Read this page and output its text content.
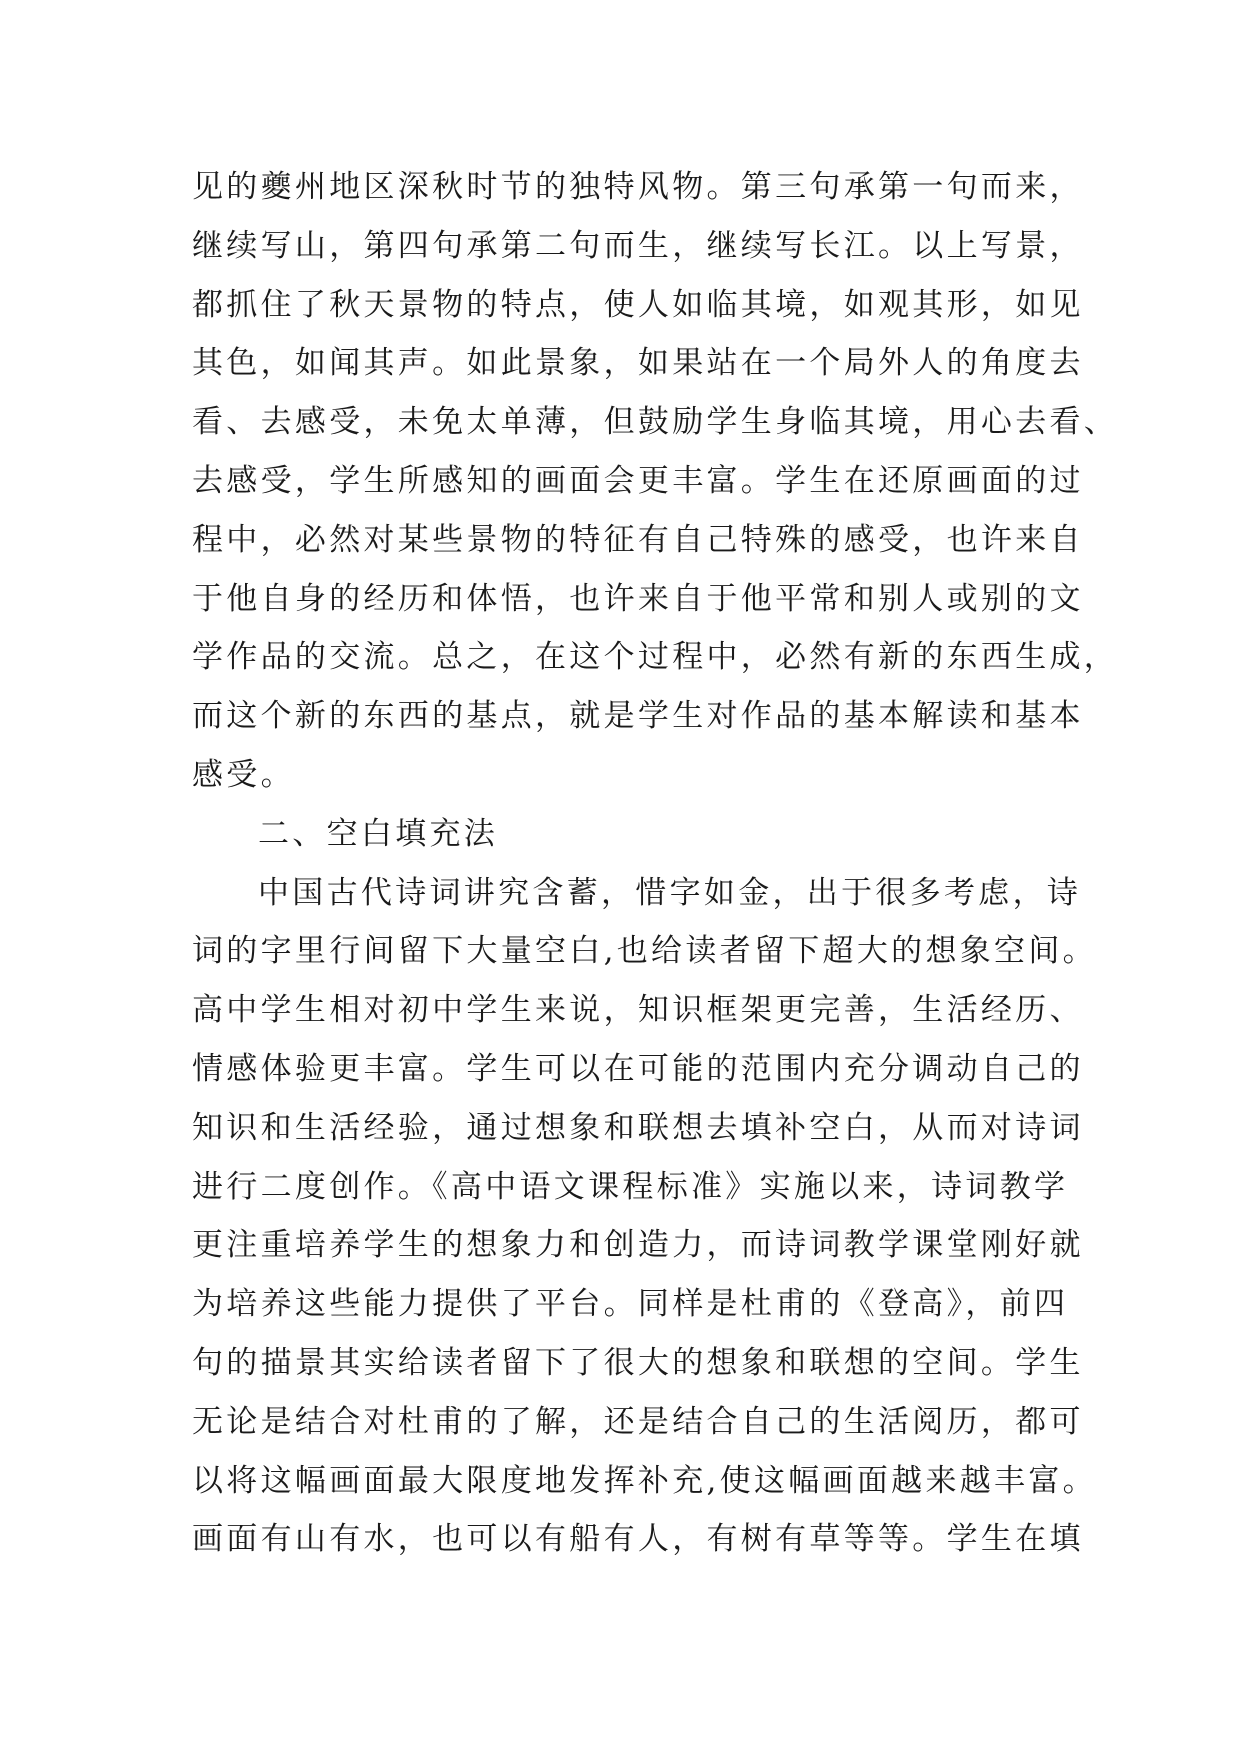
见的夔州地区深秋时节的独特风物。第三句承第一句而来，
继续写山，第四句承第二句而生，继续写长江。以上写景，
都抓住了秋天景物的特点，使人如临其境，如观其形，如见
其色，如闻其声。如此景象，如果站在一个局外人的角度去
看、去感受，未免太单薄，但鼓励学生身临其境，用心去看、
去感受，学生所感知的画面会更丰富。学生在还原画面的过
程中，必然对某些景物的特征有自己特殊的感受，也许来自
于他自身的经历和体悟，也许来自于他平常和别人或别的文
学作品的交流。总之，在这个过程中，必然有新的东西生成，
而这个新的东西的基点，就是学生对作品的基本解读和基本
感受。
二、空白填充法
中国古代诗词讲究含蓄，惜字如金，出于很多考虑，诗
词的字里行间留下大量空白,也给读者留下超大的想象空间。
高中学生相对初中学生来说，知识框架更完善，生活经历、
情感体验更丰富。学生可以在可能的范围内充分调动自己的
知识和生活经验，通过想象和联想去填补空白，从而对诗词
进行二度创作。《高中语文课程标准》实施以来，诗词教学
更注重培养学生的想象力和创造力，而诗词教学课堂刚好就
为培养这些能力提供了平台。同样是杜甫的《登高》，前四
句的描景其实给读者留下了很大的想象和联想的空间。学生
无论是结合对杜甫的了解，还是结合自己的生活阅历，都可
以将这幅画面最大限度地发挥补充,使这幅画面越来越丰富。
画面有山有水，也可以有船有人，有树有草等等。学生在填
